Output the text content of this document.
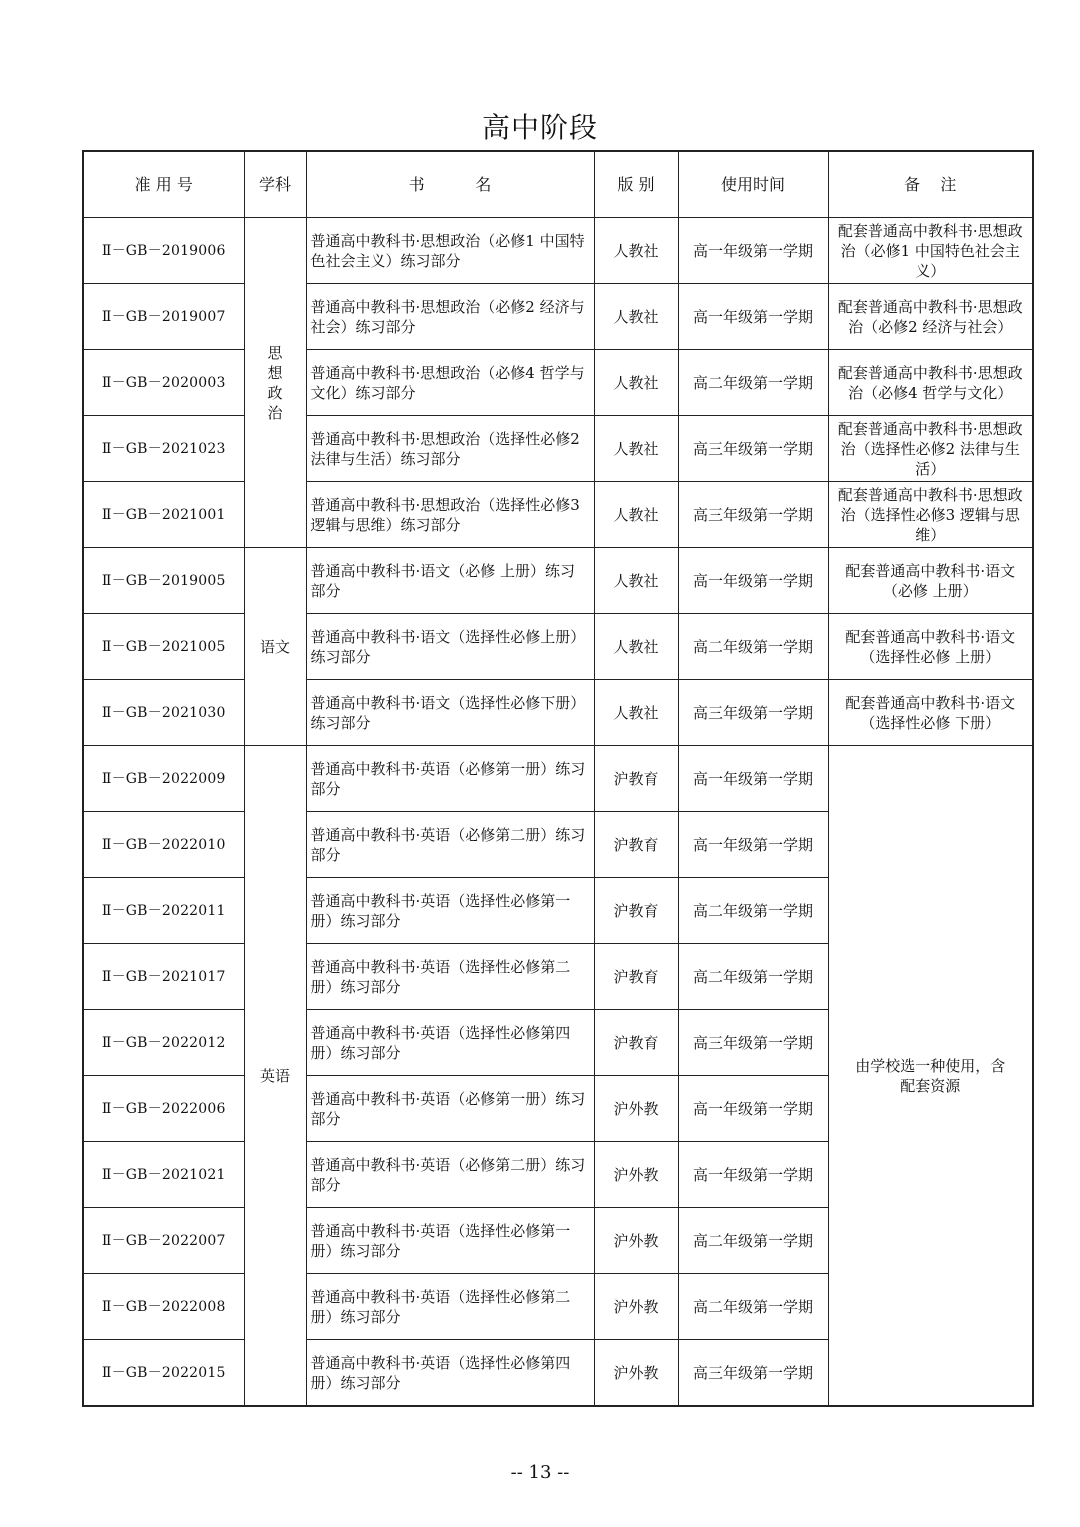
高中阶段
准 用 号	学科	书          名	版 别	使用时间	备    注
Ⅱ－GB－2019006	思想政治	普通高中教科书·思想政治（必修1 中国特色社会主义）练习部分	人教社	高一年级第一学期	配套普通高中教科书·思想政治（必修1 中国特色社会主义）
Ⅱ－GB－2019007		普通高中教科书·思想政治（必修2 经济与社会）练习部分	人教社	高一年级第一学期	配套普通高中教科书·思想政治（必修2 经济与社会）
Ⅱ－GB－2020003		普通高中教科书·思想政治（必修4 哲学与文化）练习部分	人教社	高二年级第一学期	配套普通高中教科书·思想政治（必修4 哲学与文化）
Ⅱ－GB－2021023		普通高中教科书·思想政治（选择性必修2 法律与生活）练习部分	人教社	高三年级第一学期	配套普通高中教科书·思想政治（选择性必修2 法律与生活）
Ⅱ－GB－2021001		普通高中教科书·思想政治（选择性必修3 逻辑与思维）练习部分	人教社	高三年级第一学期	配套普通高中教科书·思想政治（选择性必修3 逻辑与思维）
Ⅱ－GB－2019005	语文	普通高中教科书·语文（必修 上册）练习部分	人教社	高一年级第一学期	配套普通高中教科书·语文（必修 上册）
Ⅱ－GB－2021005		普通高中教科书·语文（选择性必修上册）练习部分	人教社	高二年级第一学期	配套普通高中教科书·语文（选择性必修 上册）
Ⅱ－GB－2021030		普通高中教科书·语文（选择性必修下册）练习部分	人教社	高三年级第一学期	配套普通高中教科书·语文（选择性必修 下册）
Ⅱ－GB－2022009	英语	普通高中教科书·英语（必修第一册）练习部分	沪教育	高一年级第一学期	由学校选一种使用，含配套资源
Ⅱ－GB－2022010		普通高中教科书·英语（必修第二册）练习部分	沪教育	高一年级第一学期	
Ⅱ－GB－2022011		普通高中教科书·英语（选择性必修第一册）练习部分	沪教育	高二年级第一学期	
Ⅱ－GB－2021017		普通高中教科书·英语（选择性必修第二册）练习部分	沪教育	高二年级第一学期	
Ⅱ－GB－2022012		普通高中教科书·英语（选择性必修第四册）练习部分	沪教育	高三年级第一学期	
Ⅱ－GB－2022006		普通高中教科书·英语（必修第一册）练习部分	沪外教	高一年级第一学期	
Ⅱ－GB－2021021		普通高中教科书·英语（必修第二册）练习部分	沪外教	高一年级第一学期	
Ⅱ－GB－2022007		普通高中教科书·英语（选择性必修第一册）练习部分	沪外教	高二年级第一学期	
Ⅱ－GB－2022008		普通高中教科书·英语（选择性必修第二册）练习部分	沪外教	高二年级第一学期	
Ⅱ－GB－2022015		普通高中教科书·英语（选择性必修第四册）练习部分	沪外教	高三年级第一学期	
-- 13 --
